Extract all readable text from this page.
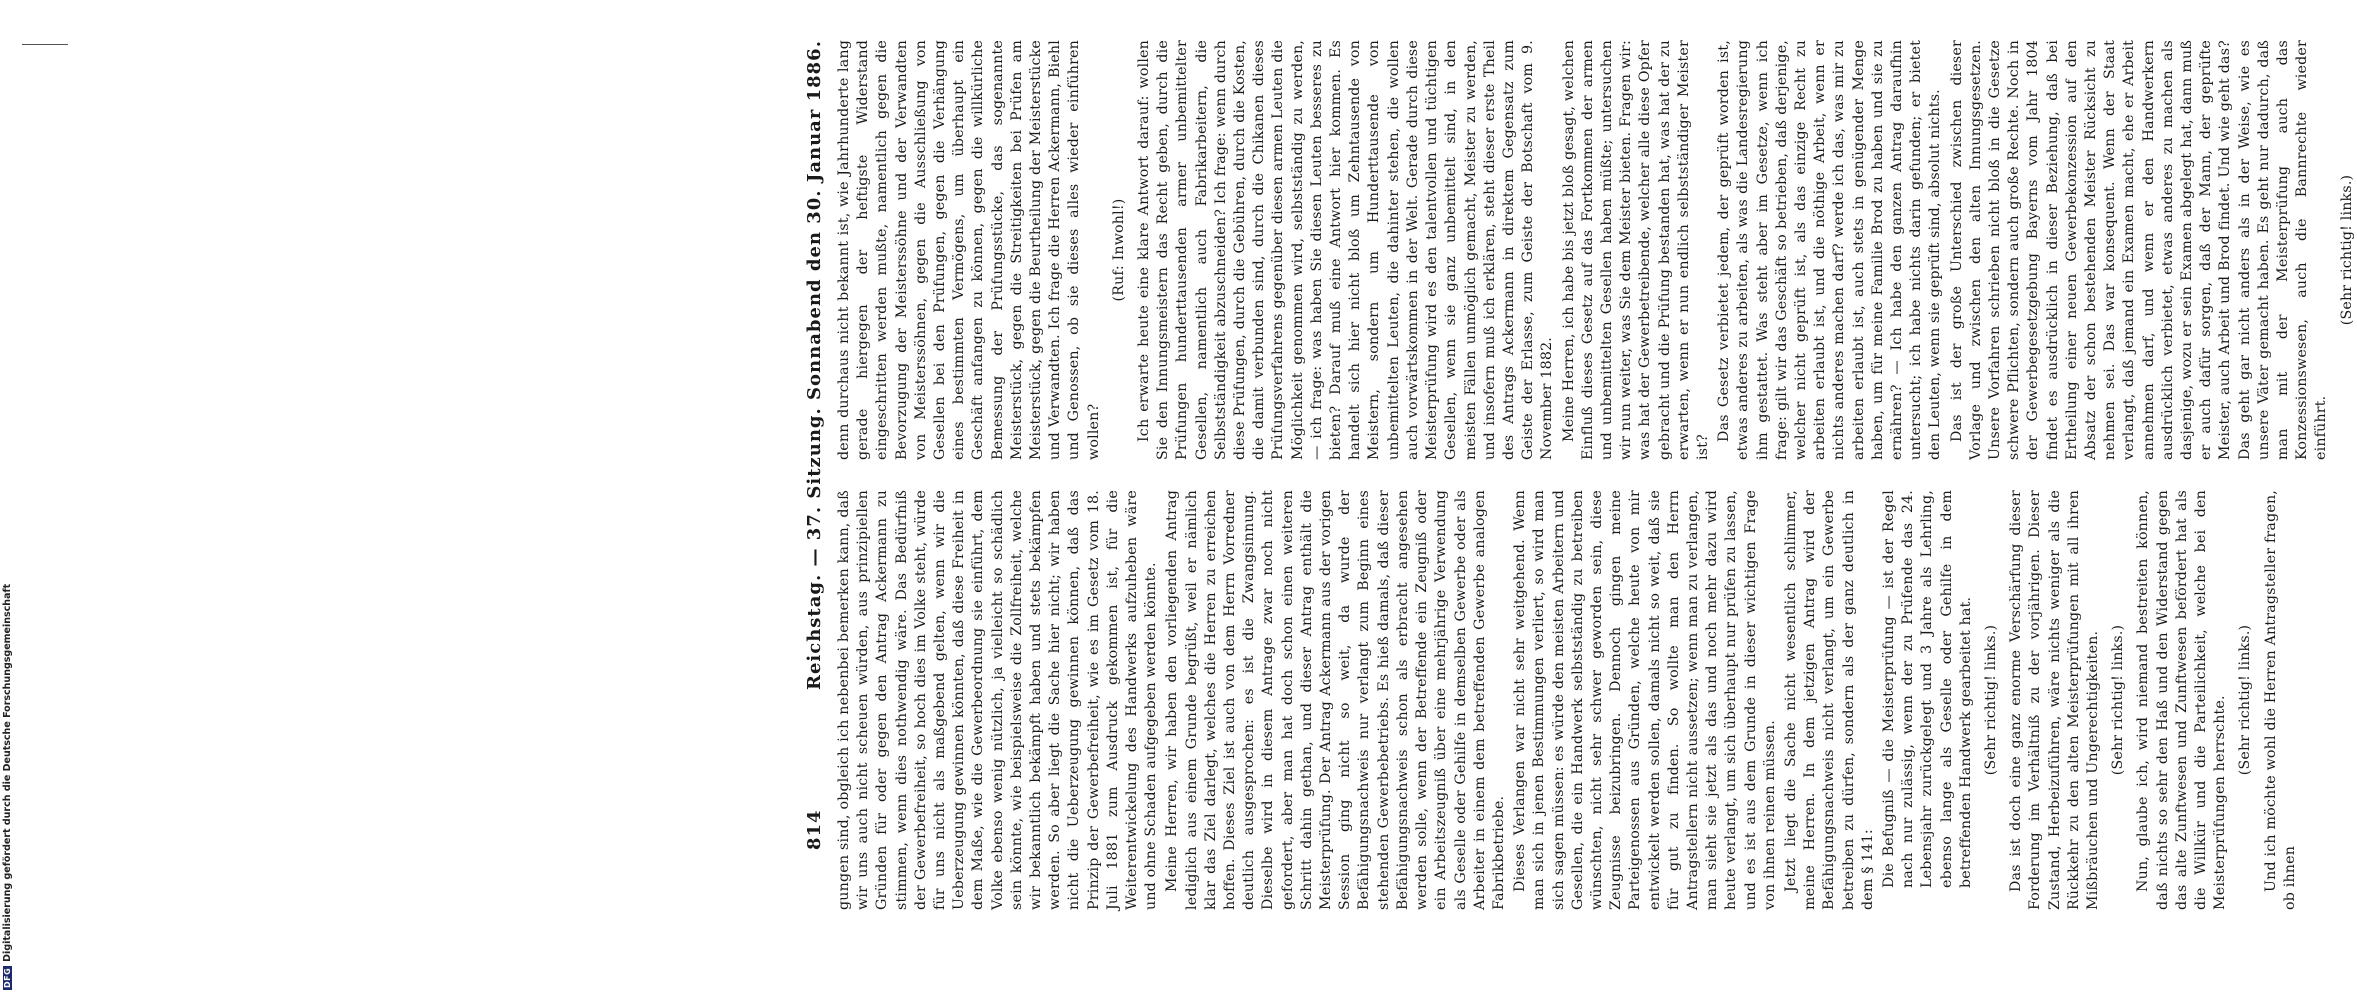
DFGDigitalisierung gefördert durch die Deutsche Forschungsgemeinschaft	814
Reichstag. — 37. Sitzung. Sonnabend den 30. Januar 1886.

gungen sind, obgleich ich nebenbei bemerken kann, daß wir uns auch nicht scheuen würden, aus prinzipiellen Gründen für oder gegen den Antrag Ackermann zu stimmen, wenn dies nothwendig wäre. Das Bedürfniß der Gewerbefreiheit, so hoch dies im Volke steht, würde für uns nicht als maßgebend gelten, wenn wir die Ueberzeugung gewinnen könnten, daß diese Freiheit in dem Maße, wie die Gewerbeordnung sie einführt, dem Volke ebenso wenig nützlich, ja vielleicht so schädlich sein könnte, wie beispielsweise die Zollfreiheit, welche wir bekanntlich bekämpft haben und stets bekämpfen werden. So aber liegt die Sache hier nicht; wir haben nicht die Ueberzeugung gewinnen können, daß das Prinzip der Gewerbefreiheit, wie es im Gesetz vom 18. Juli 1881 zum Ausdruck gekommen ist, für die Weiterentwickelung des Handwerks aufzuheben wäre und ohne Schaden aufgegeben werden könnte. Meine Herren, wir haben den vorliegenden Antrag lediglich aus einem Grunde begrüßt, weil er nämlich klar das Ziel darlegt, welches die Herren zu erreichen hoffen. Dieses Ziel ist auch von dem Herrn Vorredner deutlich ausgesprochen: es ist die Zwangsinnung. Dieselbe wird in diesem Antrage zwar noch nicht gefordert, aber man hat doch schon einen weiteren Schritt dahin gethan, und dieser Antrag enthält die Meisterprüfung. Der Antrag Ackermann aus der vorigen Session ging nicht so weit, da wurde der Befähigungsnachweis nur verlangt zum Beginn eines stehenden Gewerbebetriebs. Es hieß damals, daß dieser Befähigungsnachweis schon als erbracht angesehen werden solle, wenn der Betreffende ein Zeugniß oder ein Arbeitszeugniß über eine mehrjährige Verwendung als Geselle oder Gehilfe in demselben Gewerbe oder als Arbeiter in einem dem betreffenden Gewerbe analogen Fabrikbetriebe. Dieses Verlangen war nicht sehr weitgehend. Wenn man sich in jenen Bestimmungen verliert, so wird man sich sagen müssen: es würde den meisten Arbeitern und Gesellen, die ein Handwerk selbstständig zu betreiben wünschten, nicht sehr schwer geworden sein, diese Zeugnisse beizubringen. Dennoch gingen meine Parteigenossen aus Gründen, welche heute von mir entwickelt werden sollen, damals nicht so weit, daß sie für gut zu finden. So wollte man den Herrn Antragstellern nicht aussetzen; wenn man zu verlangen, man sieht sie jetzt als das und noch mehr dazu wird heute verlangt, um sich überhaupt nur prüfen zu lassen, und es ist aus dem Grunde in dieser wichtigen Frage von ihnen reinen müssen. Jetzt liegt die Sache nicht wesentlich schlimmer, meine Herren. In dem jetzigen Antrag wird der Befähigungsnachweis nicht verlangt, um ein Gewerbe betreiben zu dürfen, sondern als der ganz deutlich in dem § 141: Die Befugniß — die Meisterprüfung — ist der Regel nach nur zulässig, wenn der zu Prüfende das 24. Lebensjahr zurückgelegt und 3 Jahre als Lehrling, ebenso lange als Geselle oder Gehilfe in dem betreffenden Handwerk gearbeitet hat. (Sehr richtig! links.) Das ist doch eine ganz enorme Verschärfung dieser Forderung im Verhältniß zu der vorjährigen. Dieser Zustand, Herbeizuführen, wäre nichts weniger als die Rückkehr zu den alten Meisterprüfungen mit all ihren Mißbräuchen und Ungerechtigkeiten. (Sehr richtig! links.) Nun, glaube ich, wird niemand bestreiten können, daß nichts so sehr den Haß und den Widerstand gegen das alte Zunftwesen und Zunftwesen befördert hat als die Willkür und die Parteilichkeit, welche bei den Meisterprüfungen herrschte. (Sehr richtig! links.) Und ich möchte wohl die Herren Antragsteller fragen, ob ihnen

denn durchaus nicht bekannt ist, wie Jahrhunderte lang gerade hiergegen der heftigste Widerstand eingeschritten werden mußte, namentlich gegen die Bevorzugung der Meisterssöhne und der Verwandten von Meisterssöhnen, gegen die Ausschließung von Gesellen bei den Prüfungen, gegen die Verhängung eines bestimmten Vermögens, um überhaupt ein Geschäft anfangen zu können, gegen die willkürliche Bemessung der Prüfungsstücke, das sogenannte Meisterstück, gegen die Streitigkeiten bei Prüfen am Meisterstück, gegen die Beurtheilung der Meisterstücke und Verwandten. Ich frage die Herren Ackermann, Biehl und Genossen, ob sie dieses alles wieder einführen wollen?

(Ruf: Inwohl!) Ich erwarte heute eine klare Antwort darauf: wollen Sie den Innungsmeistern das Recht geben, durch die Prüfungen hunderttausenden armer unbemittelter Gesellen, namentlich auch Fabrikarbeitern, die Selbstständigkeit abzuschneiden? Ich frage: wenn durch diese Prüfungen, durch die Gebühren, durch die Kosten, die damit verbunden sind, durch die Chikanen dieses Prüfungsverfahrens gegenüber diesen armen Leuten die Möglichkeit genommen wird, selbstständig zu werden, — ich frage: was haben Sie diesen Leuten besseres zu bieten? Darauf muß eine Antwort hier kommen. Es handelt sich hier nicht bloß um Zehntausende von Meistern, sondern um Hunderttausende von unbemittelten Leuten, die dahinter stehen, die wollen auch vorwärtskommen in der Welt. Gerade durch diese Meisterprüfung wird es den talentvollen und tüchtigen Gesellen, wenn sie ganz unbemittelt sind, in den meisten Fällen unmöglich gemacht, Meister zu werden, und insofern muß ich erklären, steht dieser erste Theil des Antrags Ackermann in direktem Gegensatz zum Geiste der Erlasse, zum Geiste der Botschaft vom 9. November 1882. Meine Herren, ich habe bis jetzt bloß gesagt, welchen Einfluß dieses Gesetz auf das Fortkommen der armen und unbemittelten Gesellen haben müßte; untersuchen wir nun weiter, was Sie dem Meister bieten. Fragen wir: was hat der Gewerbetreibende, welcher alle diese Opfer gebracht und die Prüfung bestanden hat, was hat der zu erwarten, wenn er nun endlich selbstständiger Meister ist?

Das Gesetz verbietet jedem, der geprüft worden ist, etwas anderes zu arbeiten, als was die Landesregierung ihm gestattet. Was steht aber im Gesetze, wenn ich frage: gilt wir das Geschäft so betrieben, daß derjenige, welcher nicht geprüft ist, als das einzige Recht zu arbeiten erlaubt ist, und die nöthige Arbeit, wenn er nichts anderes machen darf? werde ich das, was mir zu arbeiten erlaubt ist, auch stets in genügender Menge haben, um für meine Familie Brod zu haben und sie zu ernähren? — Ich habe den ganzen Antrag daraufhin untersucht; ich habe nichts darin gefunden; er bietet den Leuten, wenn sie geprüft sind, absolut nichts. Das ist der große Unterschied zwischen dieser Vorlage und zwischen den alten Innungsgesetzen. Unsere Vorfahren schrieben nicht bloß in die Gesetze schwere Pflichten, sondern auch große Rechte. Noch in der Gewerbegesetzgebung Bayerns vom Jahr 1804 findet es ausdrücklich in dieser Beziehung, daß bei Ertheilung einer neuen Gewerbekonzession auf den Absatz der schon bestehenden Meister Rücksicht zu nehmen sei. Das war konsequent. Wenn der Staat verlangt, daß jemand ein Examen macht, ehe er Arbeit annehmen darf, und wenn er den Handwerkern ausdrücklich verbietet, etwas anderes zu machen als dasjenige, wozu er sein Examen abgelegt hat, dann muß er auch dafür sorgen, daß der Mann, der geprüfte Meister, auch Arbeit und Brod findet. Und wie geht das? Das geht gar nicht anders als in der Weise, wie es unsere Väter gemacht haben. Es geht nur dadurch, daß man mit der Meisterprüfung auch das Konzessionswesen, auch die Bannrechte wieder einführt.

(Sehr richtig! links.)
